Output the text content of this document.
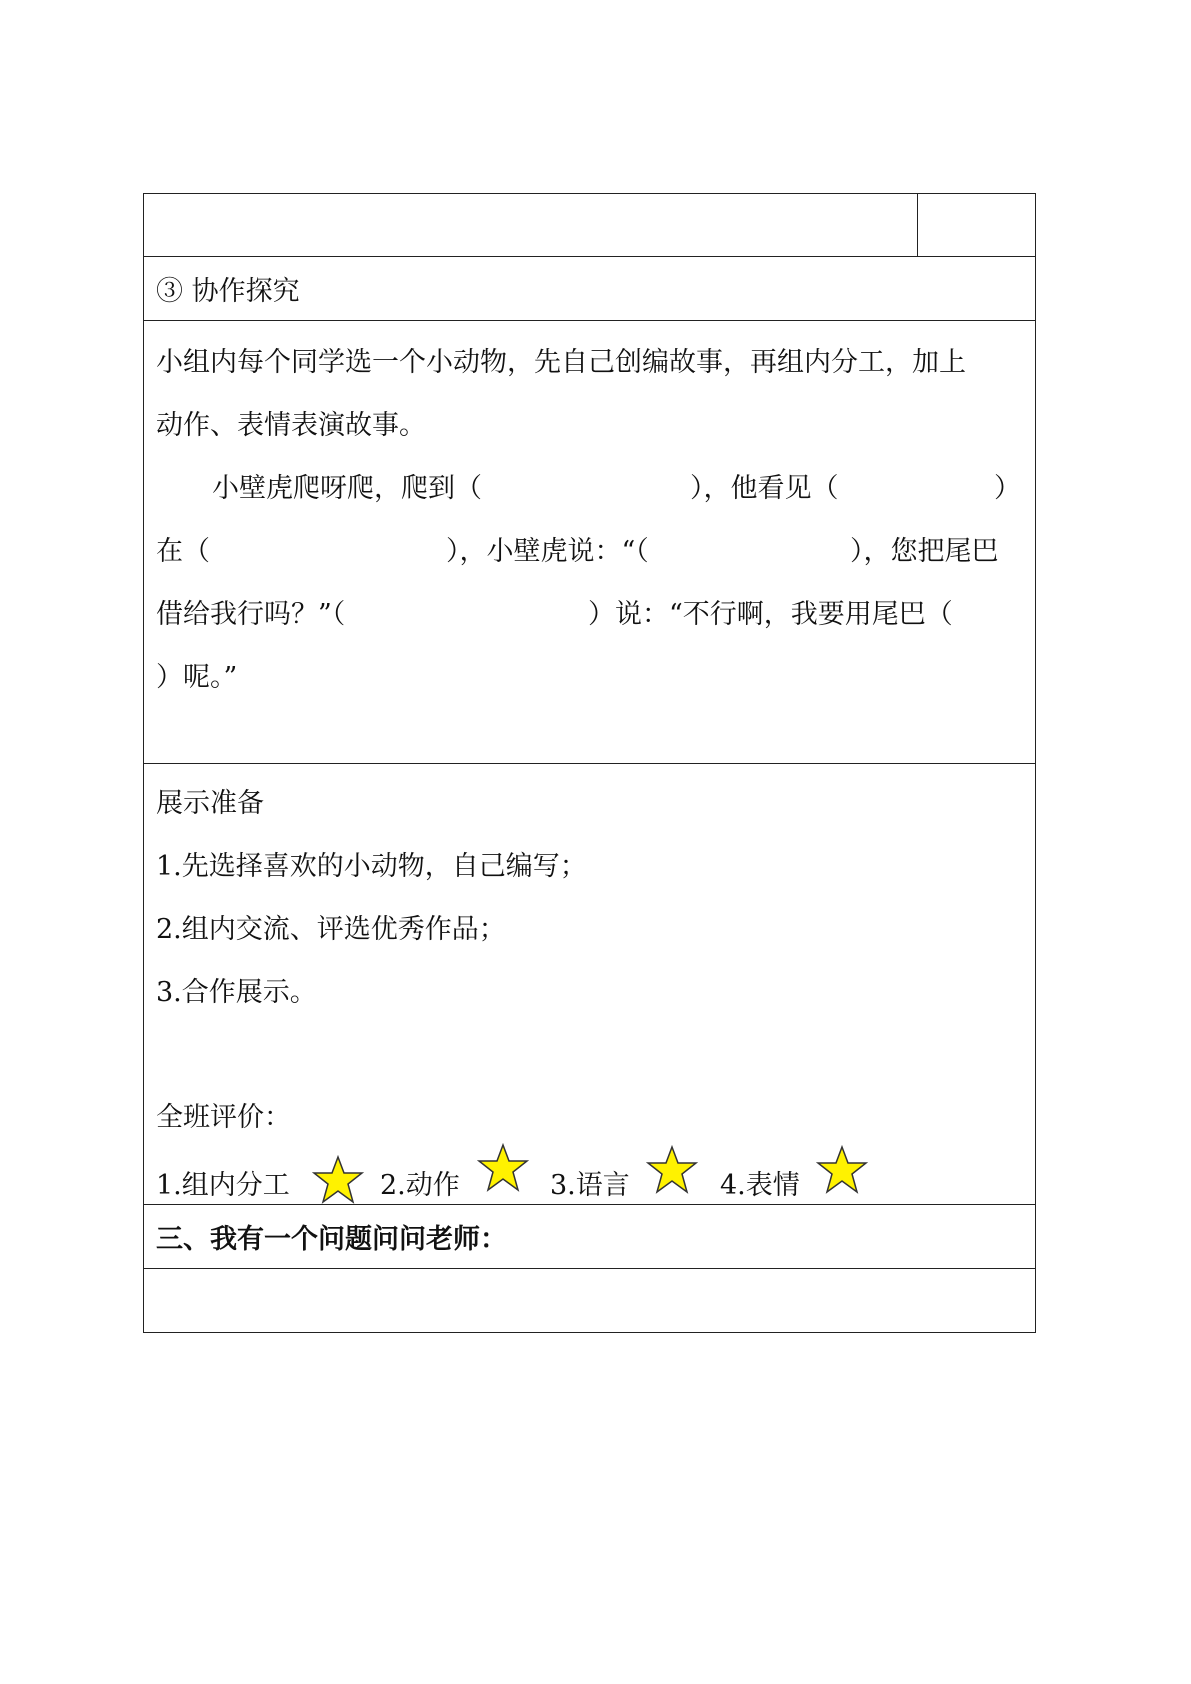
③ 协作探究
小组内每个同学选一个小动物，先自己创编故事，再组内分工，加上
动作、表情表演故事。
小壁虎爬呀爬，爬到（	），他看见（	）
在（	），小壁虎说：“（	），您把尾巴
借给我行吗？”（	）说：“不行啊，我要用尾巴（
）呢。”
展示准备
1.先选择喜欢的小动物，自己编写；
2.组内交流、评选优秀作品；
3.合作展示。
全班评价：
1.组内分工	2.动作	3.语言	4.表情
三、我有一个问题问问老师：
